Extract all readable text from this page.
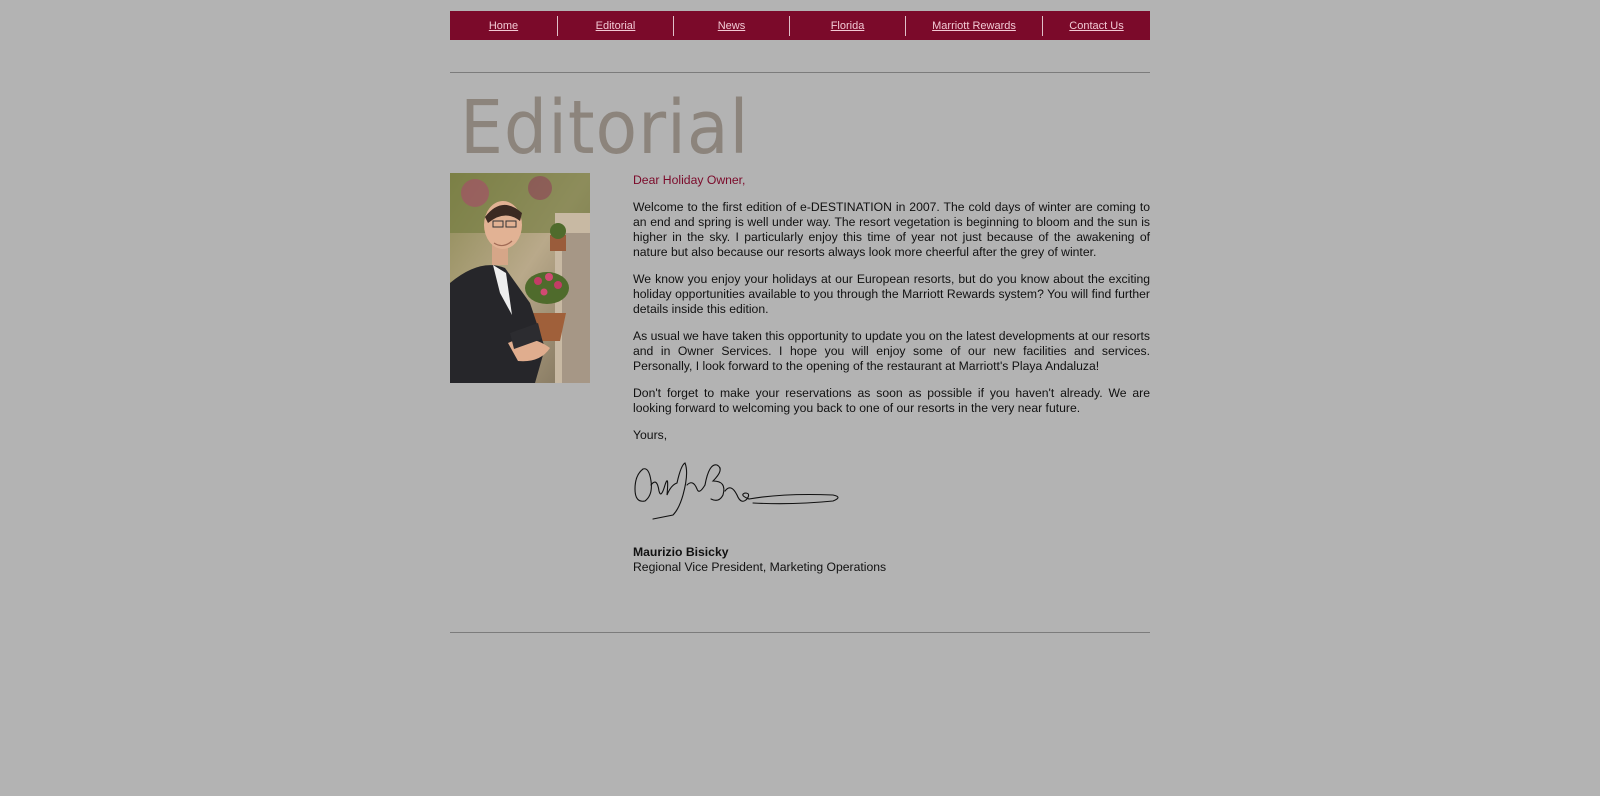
Home	Editorial	News	Florida	Marriott Rewards	Contact Us
Editorial

Dear Holiday Owner,

Welcome to the first edition of e-DESTINATION in 2007. The cold days of winter are coming to an end and spring is well under way. The resort vegetation is beginning to bloom and the sun is higher in the sky. I particularly enjoy this time of year not just because of the awakening of nature but also because our resorts always look more cheerful after the grey of winter.

We know you enjoy your holidays at our European resorts, but do you know about the exciting holiday opportunities available to you through the Marriott Rewards system? You will find further details inside this edition.

As usual we have taken this opportunity to update you on the latest developments at our resorts and in Owner Services. I hope you will enjoy some of our new facilities and services. Personally, I look forward to the opening of the restaurant at Marriott's Playa Andaluza!

Don't forget to make your reservations as soon as possible if you haven't already. We are looking forward to welcoming you back to one of our resorts in the very near future.

Yours,

Maurizio Bisicky

Regional Vice President, Marketing Operations
